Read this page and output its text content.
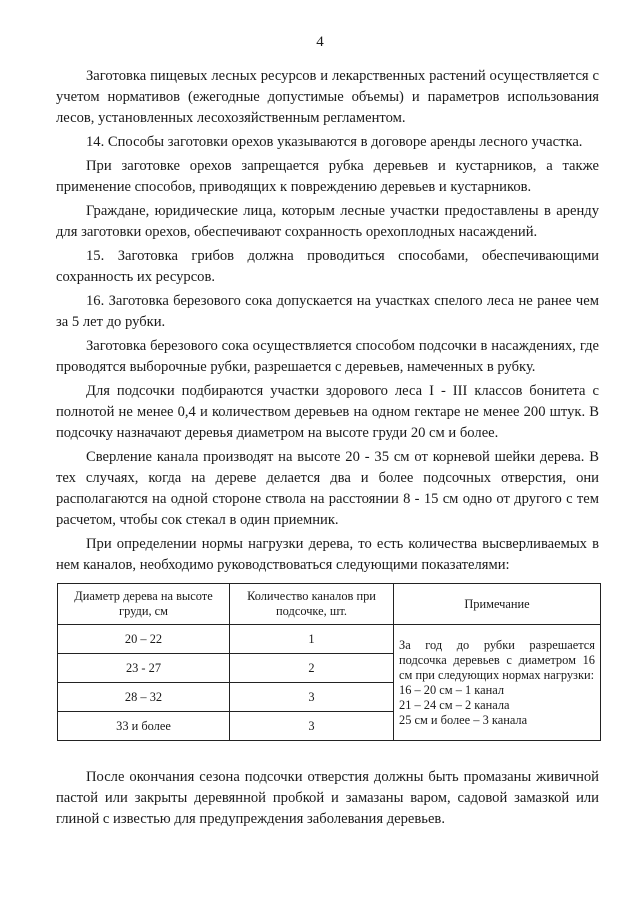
4

Заготовка пищевых лесных ресурсов и лекарственных растений осуществляется с учетом нормативов (ежегодные допустимые объемы) и параметров использования лесов, установленных лесохозяйственным регламентом.

14. Способы заготовки орехов указываются в договоре аренды лесного участка.

При заготовке орехов запрещается рубка деревьев и кустарников, а также применение способов, приводящих к повреждению деревьев и кустарников.

Граждане, юридические лица, которым лесные участки предоставлены в аренду для заготовки орехов, обеспечивают сохранность орехоплодных насаждений.

15. Заготовка грибов должна проводиться способами, обеспечивающими сохранность их ресурсов.

16. Заготовка березового сока допускается на участках спелого леса не ранее чем за 5 лет до рубки.

Заготовка березового сока осуществляется способом подсочки в насаждениях, где проводятся выборочные рубки, разрешается с деревьев, намеченных в рубку.

Для подсочки подбираются участки здорового леса I - III классов бонитета с полнотой не менее 0,4 и количеством деревьев на одном гектаре не менее 200 штук. В подсочку назначают деревья диаметром на высоте груди 20 см и более.

Сверление канала производят на высоте 20 - 35 см от корневой шейки дерева. В тех случаях, когда на дереве делается два и более подсочных отверстия, они располагаются на одной стороне ствола на расстоянии 8 - 15 см одно от другого с тем расчетом, чтобы сок стекал в один приемник.

При определении нормы нагрузки дерева, то есть количества высверливаемых в нем каналов, необходимо руководствоваться следующими показателями:

Диаметр дерева на высоте груди, см	Количество каналов при подсочке, шт.	Примечание
20 – 22	1	За год до рубки разрешается подсочка деревьев с диаметром 16 см при следующих нормах нагрузки:
16 – 20 см – 1 канал
21 – 24 см – 2 канала
25 см и более – 3 канала

23 - 27	2	
28 – 32	3	
33 и более	3	

После окончания сезона подсочки отверстия должны быть промазаны живичной пастой или закрыты деревянной пробкой и замазаны варом, садовой замазкой или глиной с известью для предупреждения заболевания деревьев.
